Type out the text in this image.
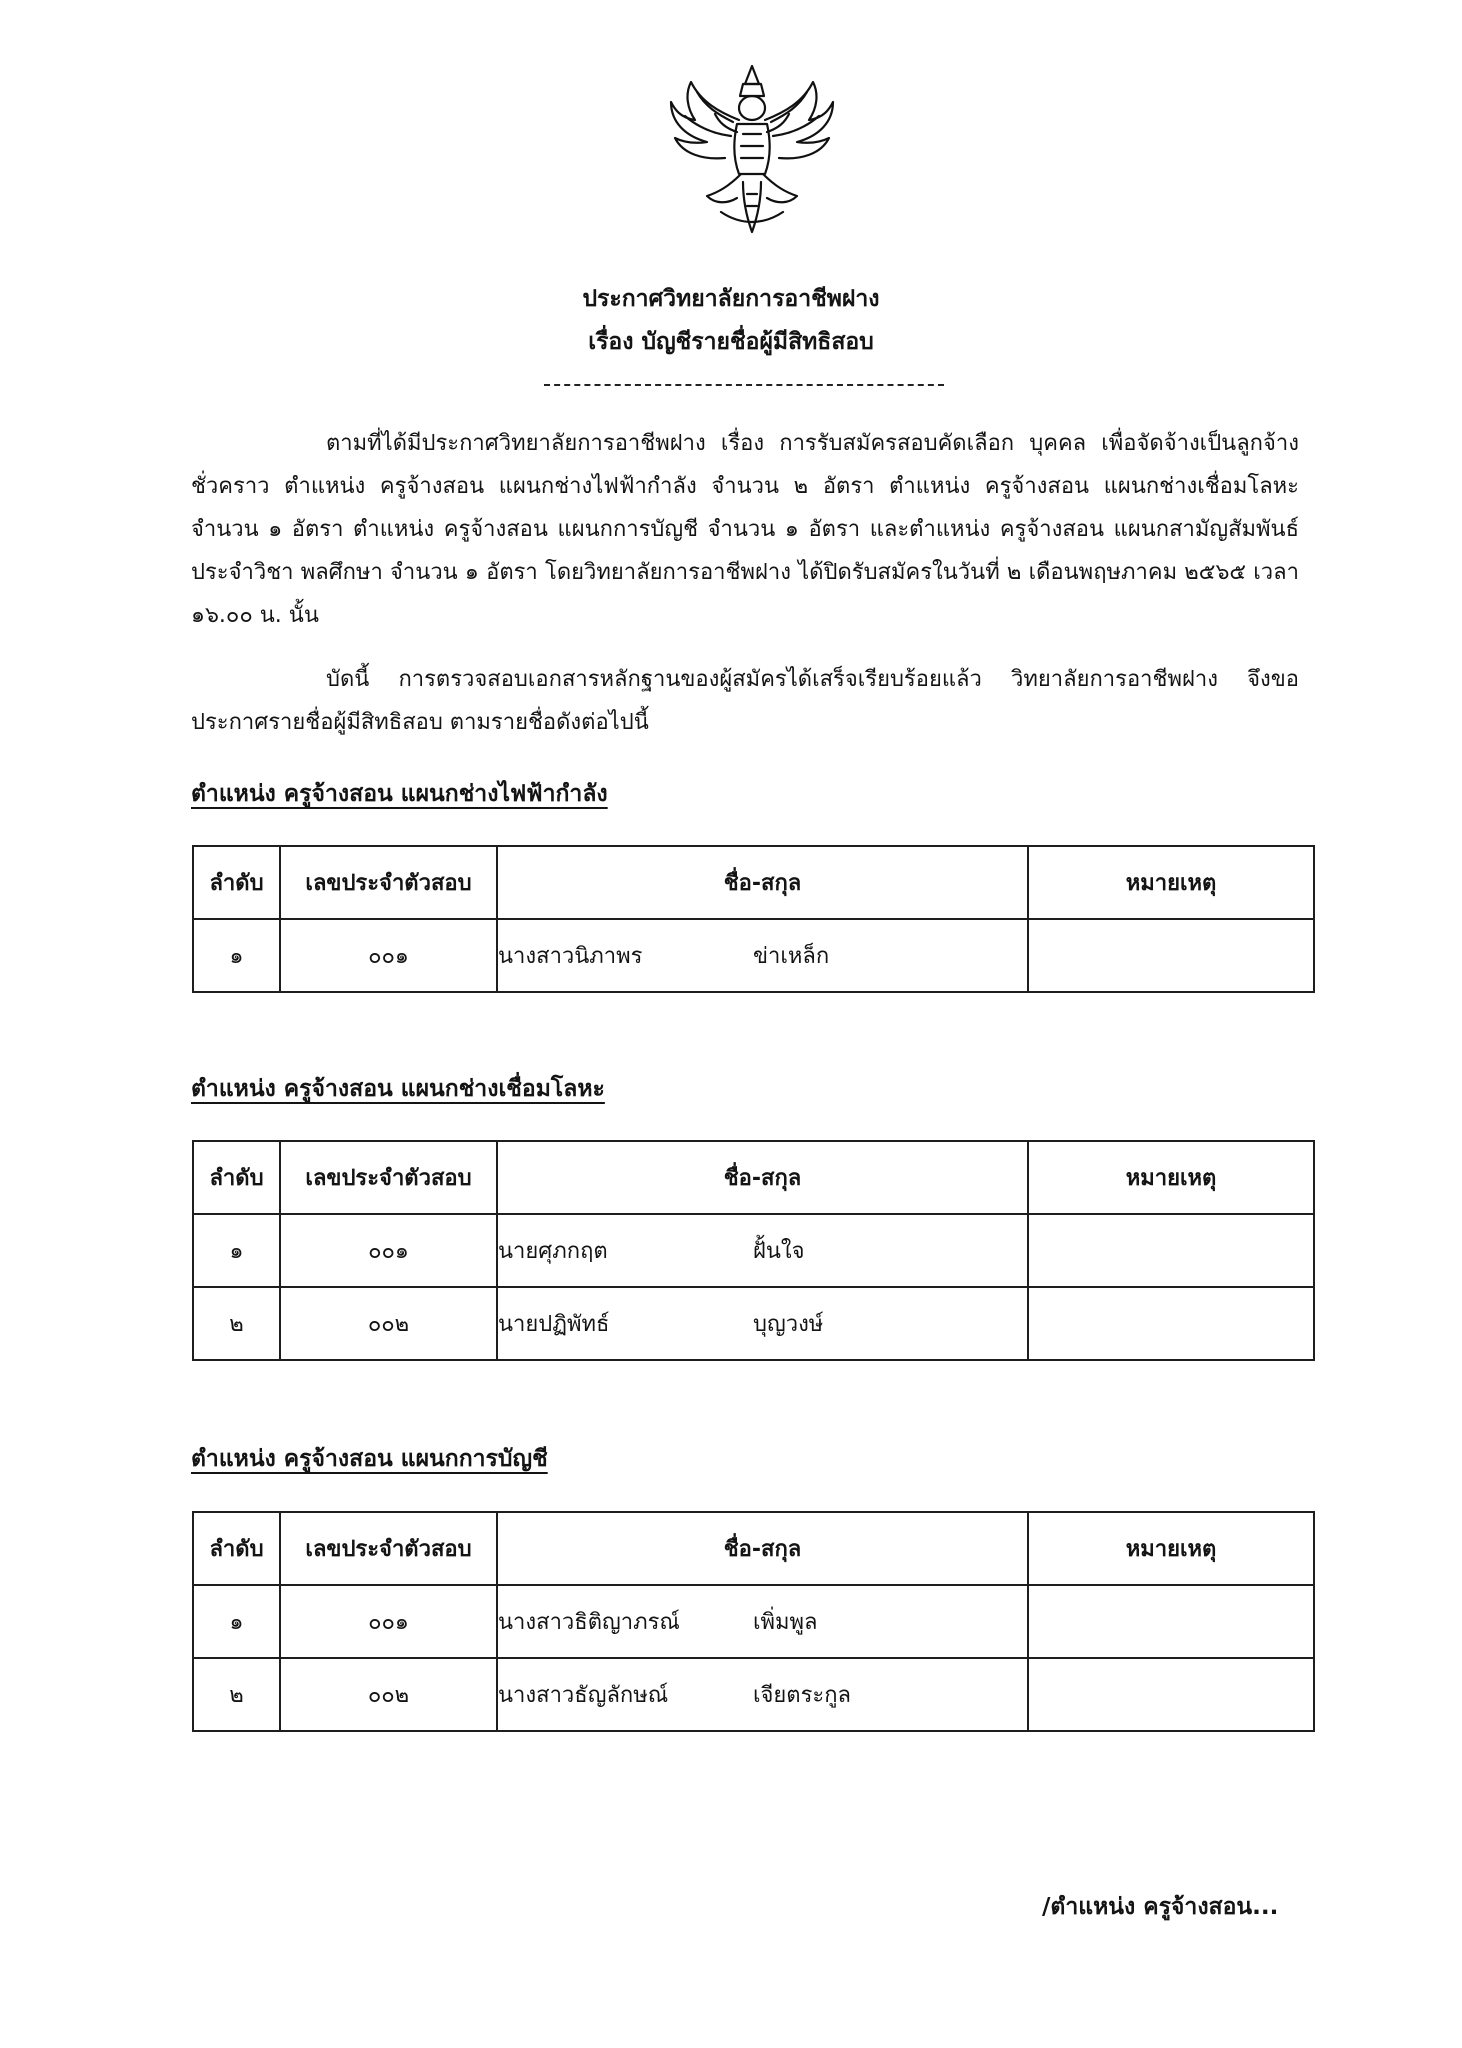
ประกาศวิทยาลัยการอาชีพฝาง
เรื่อง บัญชีรายชื่อผู้มีสิทธิสอบ
ตามที่ได้มีประกาศวิทยาลัยการอาชีพฝาง เรื่อง การรับสมัครสอบคัดเลือก บุคคล เพื่อจัดจ้างเป็นลูกจ้างชั่วคราว ตำแหน่ง ครูจ้างสอน แผนกช่างไฟฟ้ากำลัง จำนวน ๒ อัตรา ตำแหน่ง ครูจ้างสอน แผนกช่างเชื่อมโลหะ จำนวน ๑ อัตรา ตำแหน่ง ครูจ้างสอน แผนกการบัญชี จำนวน ๑ อัตรา และตำแหน่ง ครูจ้างสอน แผนกสามัญสัมพันธ์ ประจำวิชา พลศึกษา จำนวน ๑ อัตรา โดยวิทยาลัยการอาชีพฝาง ได้ปิดรับสมัครในวันที่ ๒ เดือนพฤษภาคม ๒๕๖๕ เวลา ๑๖.๐๐ น. นั้น
บัดนี้ การตรวจสอบเอกสารหลักฐานของผู้สมัครได้เสร็จเรียบร้อยแล้ว วิทยาลัยการอาชีพฝาง จึงขอประกาศรายชื่อผู้มีสิทธิสอบ ตามรายชื่อดังต่อไปนี้
ตำแหน่ง ครูจ้างสอน แผนกช่างไฟฟ้ากำลัง
ลำดับ	เลขประจำตัวสอบ	ชื่อ-สกุล	หมายเหตุ
๑	๐๐๑	นางสาวนิภาพร ข่าเหล็ก	
ตำแหน่ง ครูจ้างสอน แผนกช่างเชื่อมโลหะ
ลำดับ	เลขประจำตัวสอบ	ชื่อ-สกุล	หมายเหตุ
๑	๐๐๑	นายศุภกฤต ฝั้นใจ	
๒	๐๐๒	นายปฏิพัทธ์ บุญวงษ์	
ตำแหน่ง ครูจ้างสอน แผนกการบัญชี
ลำดับ	เลขประจำตัวสอบ	ชื่อ-สกุล	หมายเหตุ
๑	๐๐๑	นางสาวธิติญาภรณ์ เพิ่มพูล	
๒	๐๐๒	นางสาวธัญลักษณ์ เจียตระกูล	
/ตำแหน่ง ครูจ้างสอน...
